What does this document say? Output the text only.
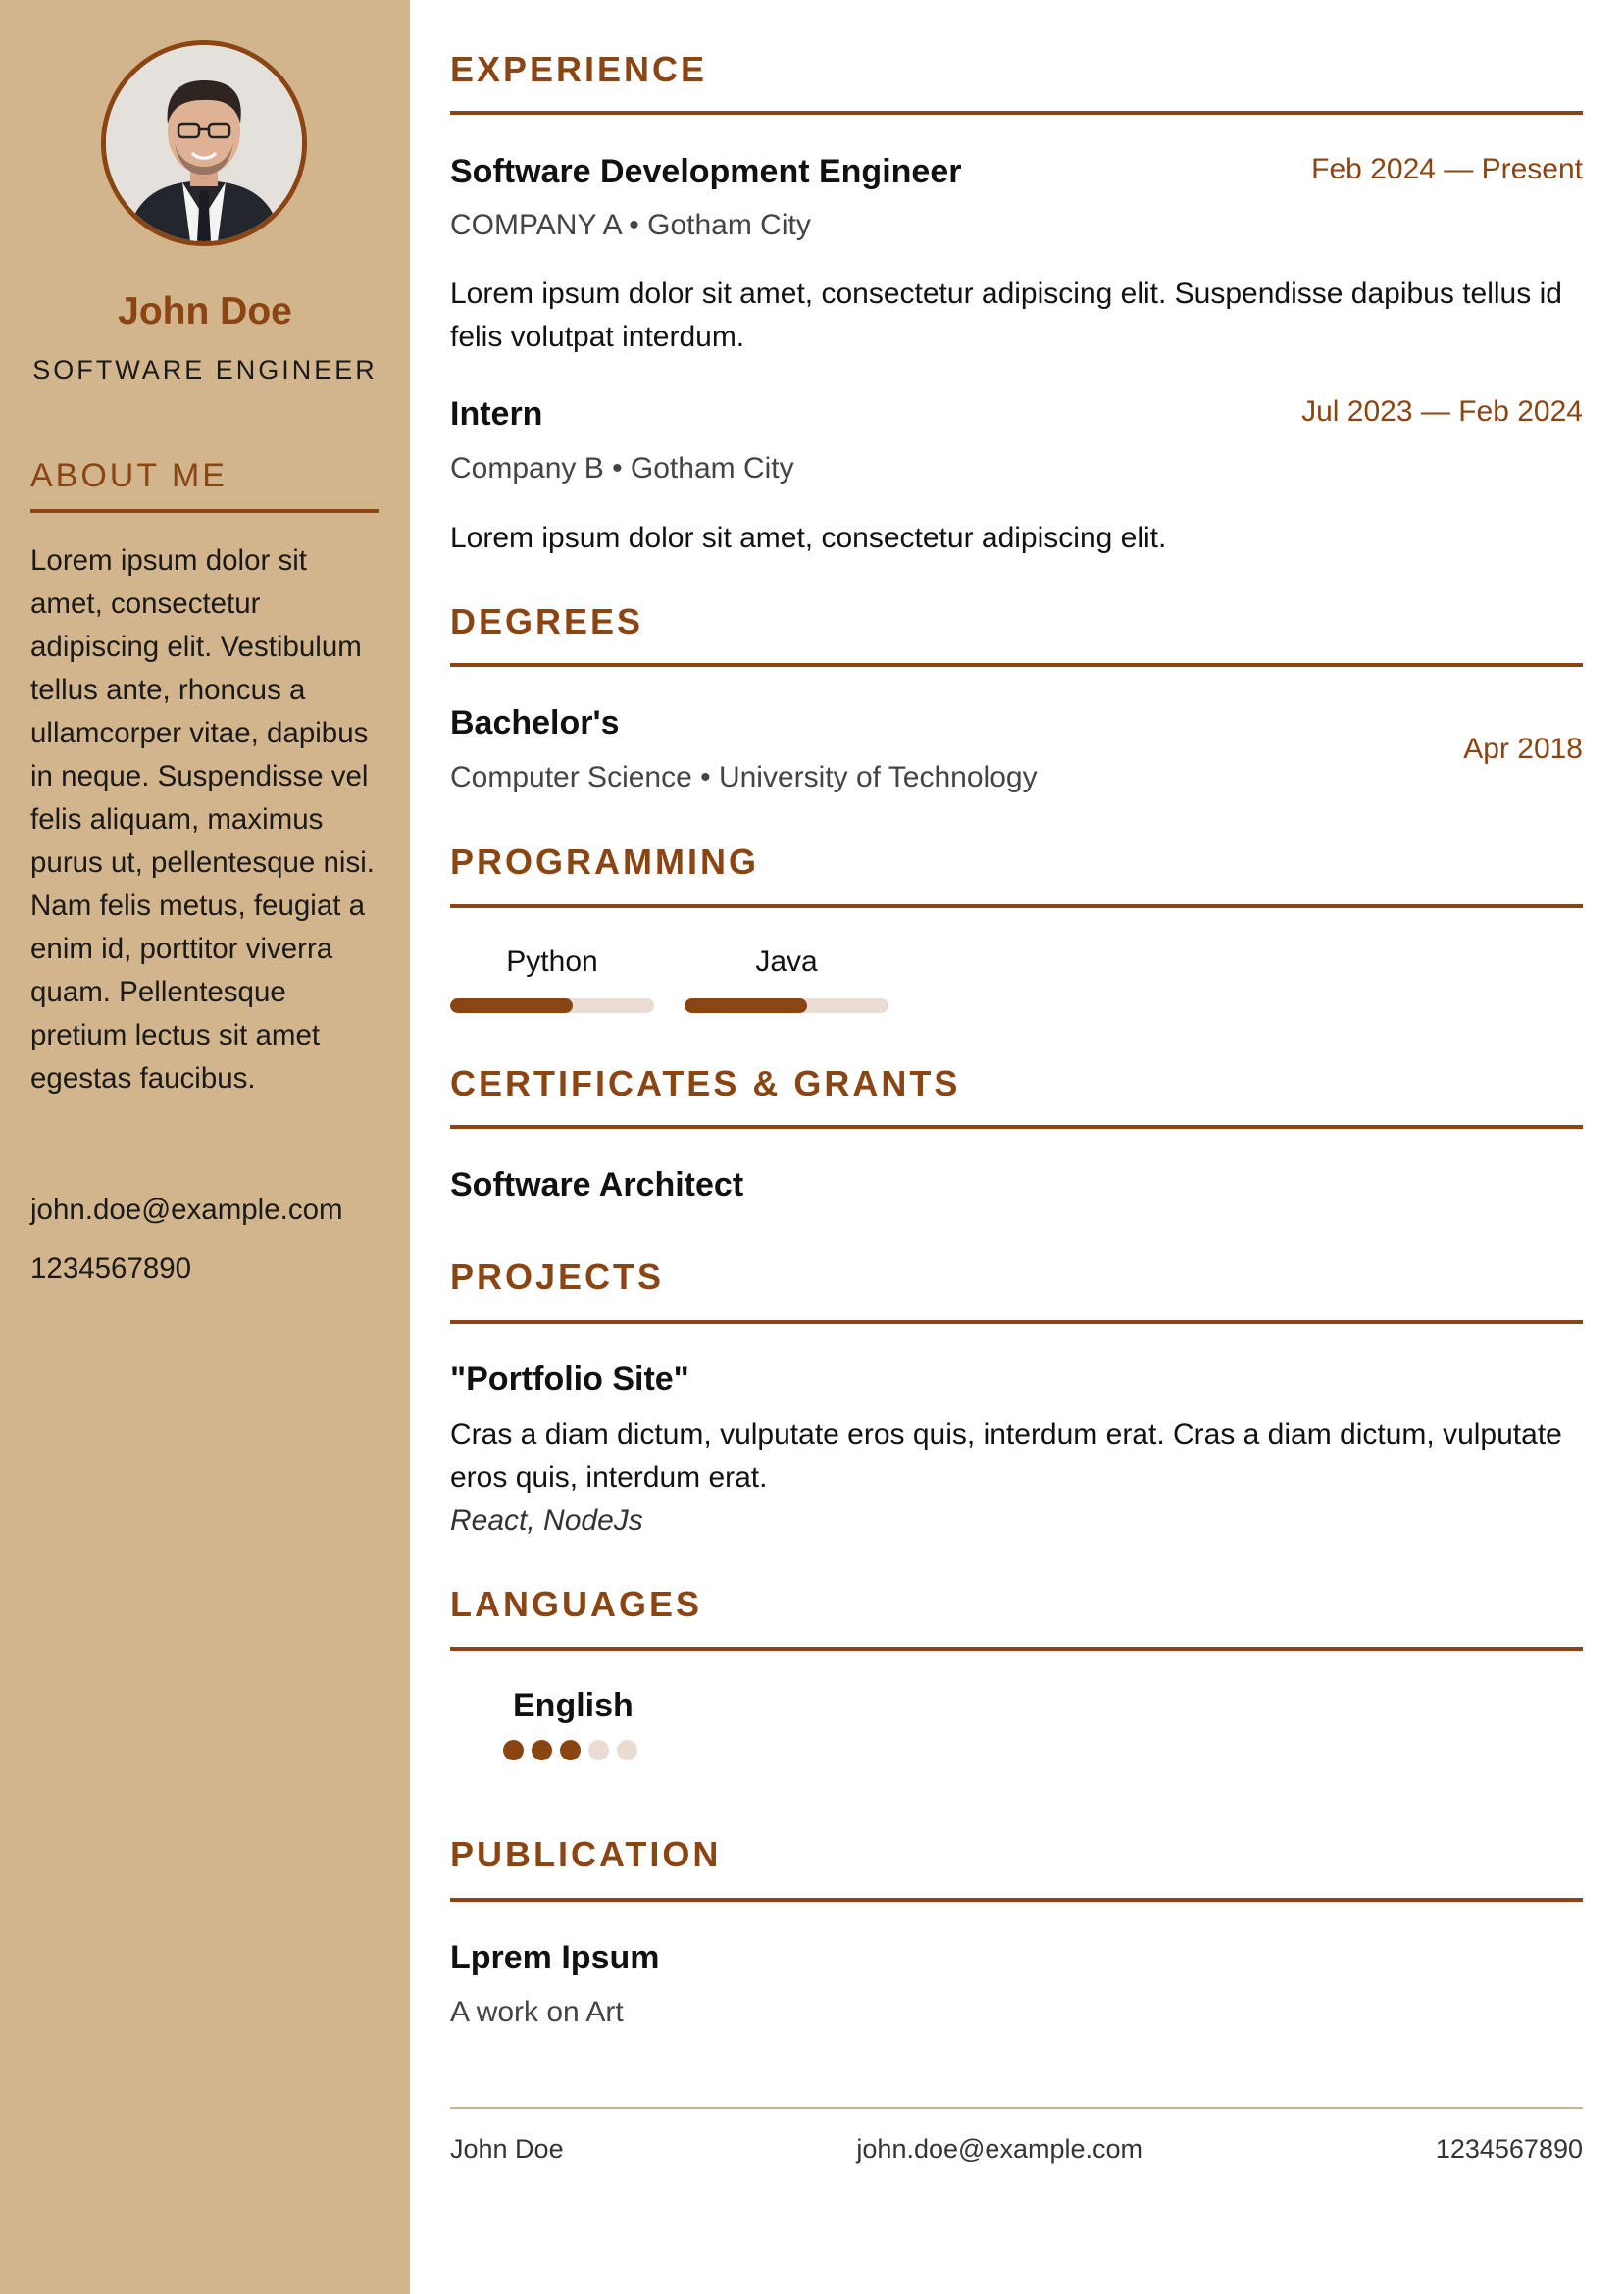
John Doe
SOFTWARE ENGINEER
ABOUT ME
Lorem ipsum dolor sit amet, consectetur adipiscing elit. Vestibulum tellus ante, rhoncus a ullamcorper vitae, dapibus in neque. Suspendisse vel felis aliquam, maximus purus ut, pellentesque nisi. Nam felis metus, feugiat a enim id, porttitor viverra quam. Pellentesque pretium lectus sit amet egestas faucibus.
john.doe@example.com
1234567890
EXPERIENCE
Software Development Engineer	Feb 2024 — Present
COMPANY A • Gotham City
Lorem ipsum dolor sit amet, consectetur adipiscing elit. Suspendisse dapibus tellus id felis volutpat interdum.
Intern	Jul 2023 — Feb 2024
Company B • Gotham City
Lorem ipsum dolor sit amet, consectetur adipiscing elit.
DEGREES
Bachelor's
Computer Science • University of Technology
Apr 2018
PROGRAMMING
Python	Java
CERTIFICATES & GRANTS
Software Architect
PROJECTS
"Portfolio Site"
Cras a diam dictum, vulputate eros quis, interdum erat. Cras a diam dictum, vulputate eros quis, interdum erat.
React, NodeJs
LANGUAGES
English
PUBLICATION
Lprem Ipsum
A work on Art
John Doe	john.doe@example.com	1234567890
